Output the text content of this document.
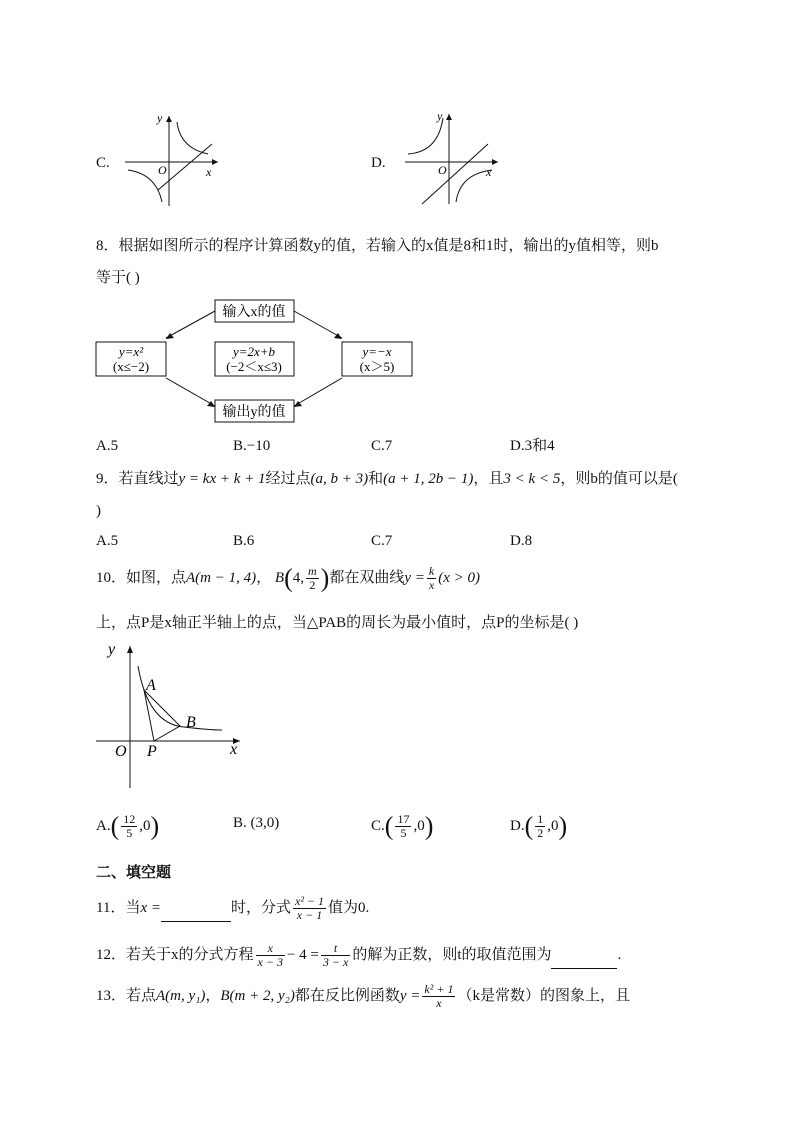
C.
y
x
O	D.
y
x
O
8．根据如图所示的程序计算函数y的值，若输入的x值是8和1时，输出的y值相等，则b
等于( )
输入x的值
y=x²
(x≤−2)
y=2x+b
(−2＜x≤3)
y=−x
(x＞5)
输出y的值
A.5	B.−10	C.7	D.3和4
9．若直线过y = kx + k + 1经过点(a, b + 3)和(a + 1, 2b − 1)，且3 < k < 5，则b的值可以是(
)
A.5	B.6	C.7	D.8
10．如图，点A(m − 1, 4)， B(4, $\frac{m}{2}$ )都在双曲线$y = \frac{k}{x} (x > 0)$
上，点P是x轴正半轴上的点，当△PAB的周长为最小值时，点P的坐标是( )
y
x
O
A
B
P
$A.( \frac{12}{5} ,0)$	B. (3,0)	$C.( \frac{17}{5} ,0)$	$D.( \frac{1}{2} ,0)$
二、填空题
11．当x =	时，分式 $\frac{\text{x² − 1}}{x - 1}$ 值为0.
12．若关于x的分式方程 $\frac{x}{x - 3} - 4 = \frac{t}{3 - x}$ 的解为正数，则t的取值范围为	.
13．若点A(m, y₁)，B(m + 2, y₂)都在反比例函数$y = \frac{\text{k² + 1}}{x} (k$是常数）的图象上，且
